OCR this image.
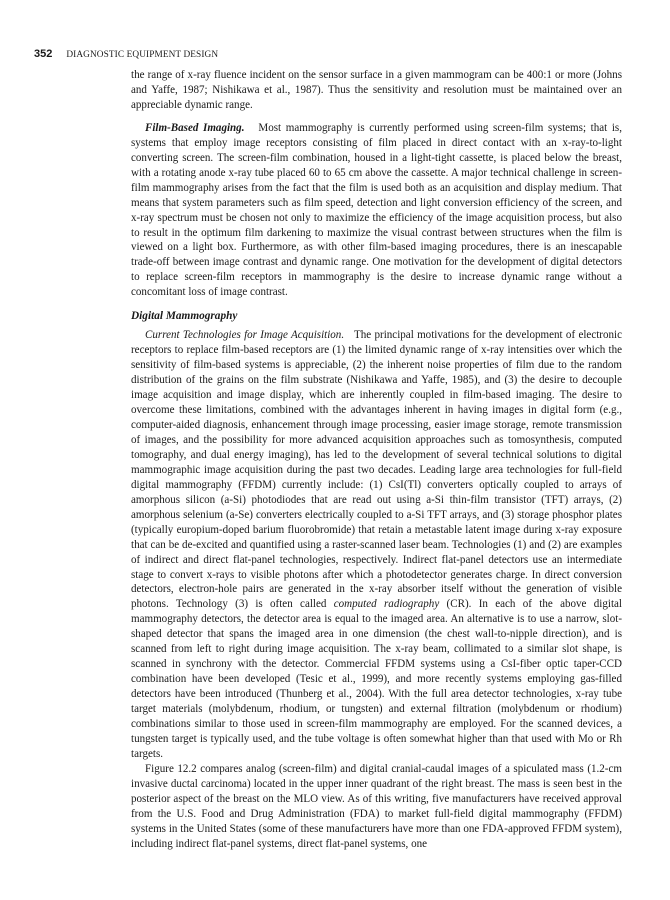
352 DIAGNOSTIC EQUIPMENT DESIGN

the range of x-ray fluence incident on the sensor surface in a given mammogram can be 400:1 or more (Johns and Yaffe, 1987; Nishikawa et al., 1987). Thus the sensitivity and resolution must be maintained over an appreciable dynamic range.

Film-Based Imaging. Most mammography is currently performed using screen-film systems; that is, systems that employ image receptors consisting of film placed in direct contact with an x-ray-to-light converting screen. The screen-film combination, housed in a light-tight cassette, is placed below the breast, with a rotating anode x-ray tube placed 60 to 65 cm above the cassette. A major technical challenge in screen-film mammography arises from the fact that the film is used both as an acquisition and display medium. That means that system parameters such as film speed, detection and light conversion efficiency of the screen, and x-ray spectrum must be chosen not only to maximize the efficiency of the image acquisition process, but also to result in the optimum film darkening to maximize the visual contrast between structures when the film is viewed on a light box. Furthermore, as with other film-based imaging procedures, there is an inescapable trade-off between image contrast and dynamic range. One motivation for the development of digital detectors to replace screen-film receptors in mammography is the desire to increase dynamic range without a concomitant loss of image contrast.

Digital Mammography

Current Technologies for Image Acquisition. The principal motivations for the development of electronic receptors to replace film-based receptors are (1) the limited dynamic range of x-ray intensities over which the sensitivity of film-based systems is appreciable, (2) the inherent noise properties of film due to the random distribution of the grains on the film substrate (Nishikawa and Yaffe, 1985), and (3) the desire to decouple image acquisition and image display, which are inherently coupled in film-based imaging. The desire to overcome these limitations, combined with the advantages inherent in having images in digital form (e.g., computer-aided diagnosis, enhancement through image processing, easier image storage, remote transmission of images, and the possibility for more advanced acquisition approaches such as tomosynthesis, computed tomography, and dual energy imaging), has led to the development of several technical solutions to digital mammographic image acquisition during the past two decades. Leading large area technologies for full-field digital mammography (FFDM) currently include: (1) CsI(Tl) converters optically coupled to arrays of amorphous silicon (a-Si) photodiodes that are read out using a-Si thin-film transistor (TFT) arrays, (2) amorphous selenium (a-Se) converters electrically coupled to a-Si TFT arrays, and (3) storage phosphor plates (typically europium-doped barium fluorobromide) that retain a metastable latent image during x-ray exposure that can be de-excited and quantified using a raster-scanned laser beam. Technologies (1) and (2) are examples of indirect and direct flat-panel technologies, respectively. Indirect flat-panel detectors use an intermediate stage to convert x-rays to visible photons after which a photodetector generates charge. In direct conversion detectors, electron-hole pairs are generated in the x-ray absorber itself without the generation of visible photons. Technology (3) is often called computed radiography (CR). In each of the above digital mammography detectors, the detector area is equal to the imaged area. An alternative is to use a narrow, slot-shaped detector that spans the imaged area in one dimension (the chest wall-to-nipple direction), and is scanned from left to right during image acquisition. The x-ray beam, collimated to a similar slot shape, is scanned in synchrony with the detector. Commercial FFDM systems using a CsI-fiber optic taper-CCD combination have been developed (Tesic et al., 1999), and more recently systems employing gas-filled detectors have been introduced (Thunberg et al., 2004). With the full area detector technologies, x-ray tube target materials (molybdenum, rhodium, or tungsten) and external filtration (molybdenum or rhodium) combinations similar to those used in screen-film mammography are employed. For the scanned devices, a tungsten target is typically used, and the tube voltage is often somewhat higher than that used with Mo or Rh targets.

Figure 12.2 compares analog (screen-film) and digital cranial-caudal images of a spiculated mass (1.2-cm invasive ductal carcinoma) located in the upper inner quadrant of the right breast. The mass is seen best in the posterior aspect of the breast on the MLO view. As of this writing, five manufacturers have received approval from the U.S. Food and Drug Administration (FDA) to market full-field digital mammography (FFDM) systems in the United States (some of these manufacturers have more than one FDA-approved FFDM system), including indirect flat-panel systems, direct flat-panel systems, one
